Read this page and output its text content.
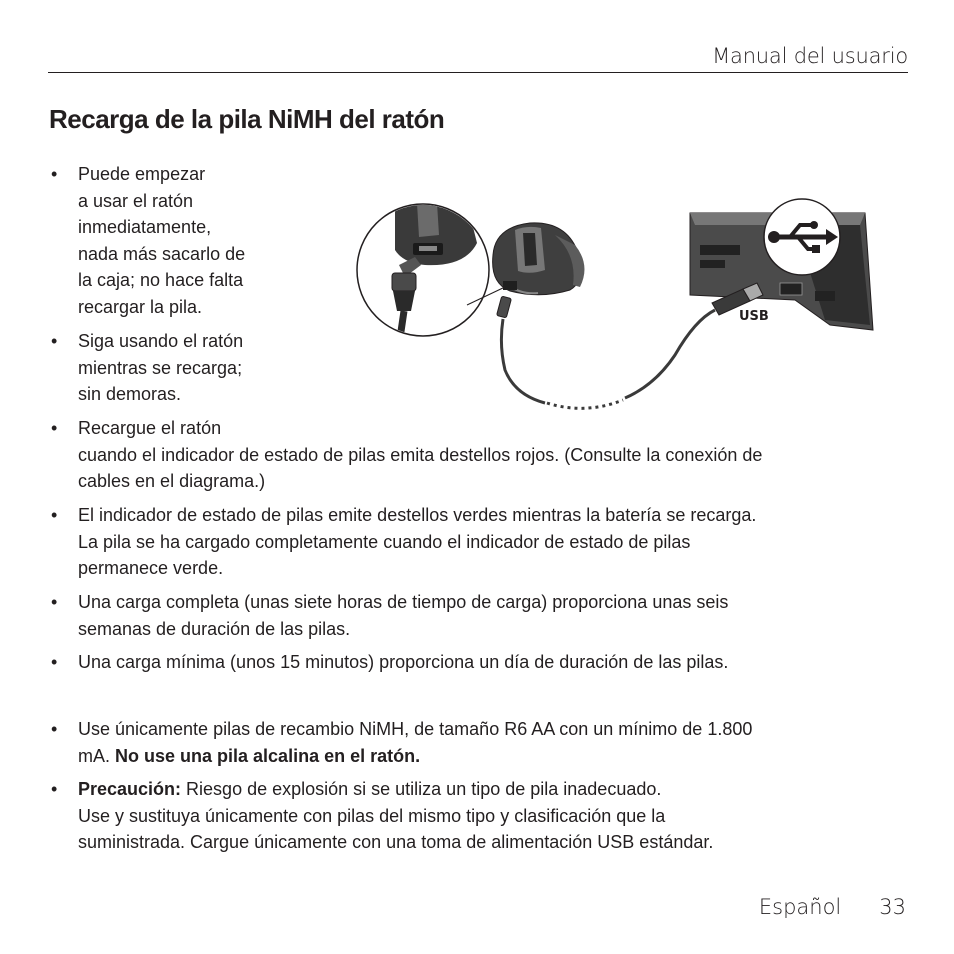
Manual del usuario
Recarga de la pila NiMH del ratón
• Puede empezar
a usar el ratón
inmediatamente,
nada más sacarlo de
la caja; no hace falta
recargar la pila.
• Siga usando el ratón
mientras se recarga;
sin demoras.
• Recargue el ratón
cuando el indicador de estado de pilas emita destellos rojos. (Consulte la conexión de
cables en el diagrama.)
• El indicador de estado de pilas emite destellos verdes mientras la batería se recarga.
La pila se ha cargado completamente cuando el indicador de estado de pilas
permanece verde.
• Una carga completa (unas siete horas de tiempo de carga) proporciona unas seis
semanas de duración de las pilas.
• Una carga mínima (unos 15 minutos) proporciona un día de duración de las pilas.
• Use únicamente pilas de recambio NiMH, de tamaño R6 AA con un mínimo de 1.800
mA. No use una pila alcalina en el ratón.
• Precaución: Riesgo de explosión si se utiliza un tipo de pila inadecuado.
Use y sustituya únicamente con pilas del mismo tipo y clasificación que la
suministrada. Cargue únicamente con una toma de alimentación USB estándar.
USB
Español 33
